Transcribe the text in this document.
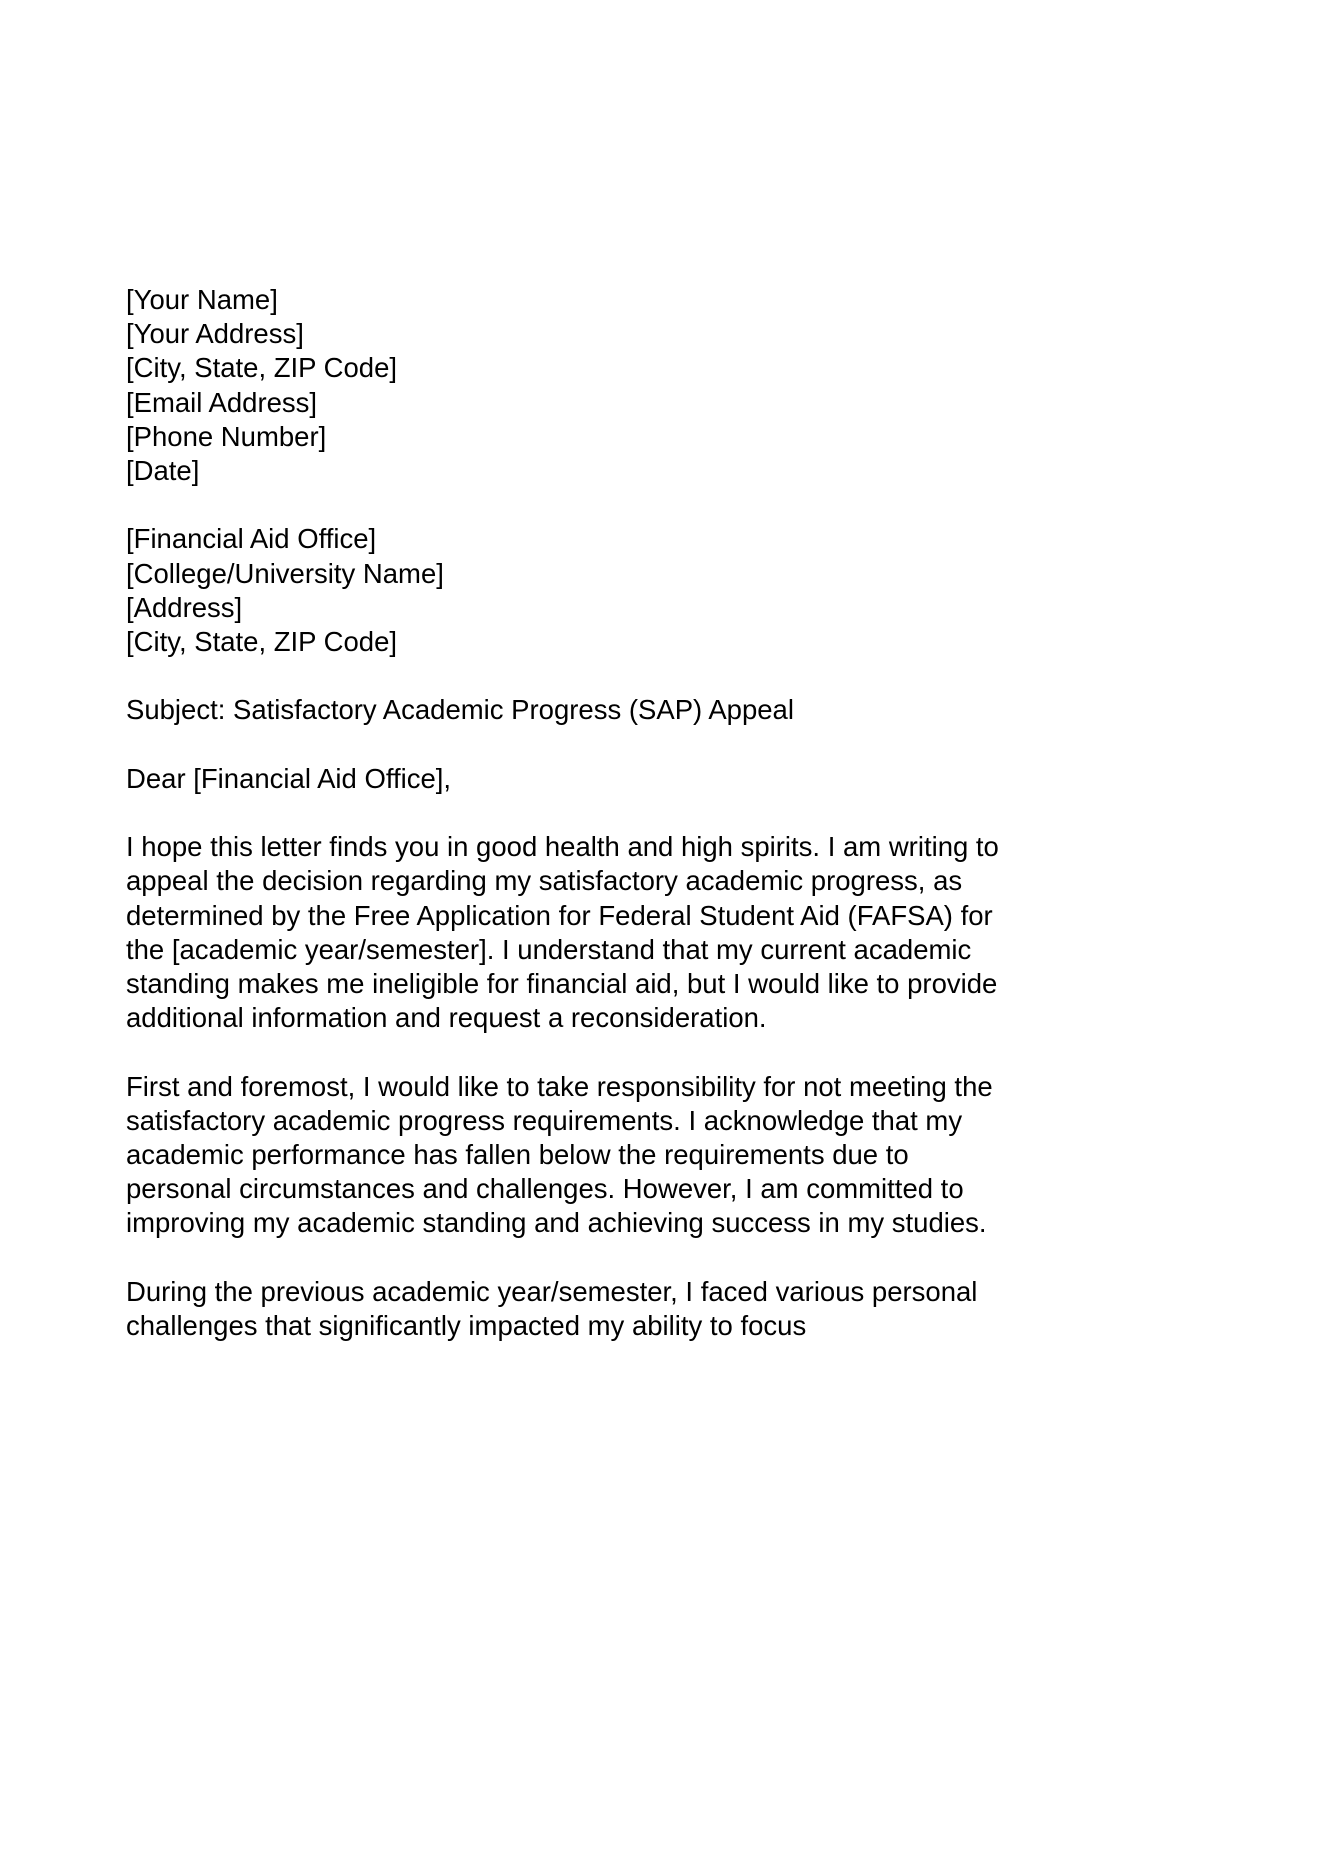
[Your Name]
[Your Address]
[City, State, ZIP Code]
[Email Address]
[Phone Number]
[Date]
[Financial Aid Office]
[College/University Name]
[Address]
[City, State, ZIP Code]

Subject: Satisfactory Academic Progress (SAP) Appeal

Dear [Financial Aid Office],

I hope this letter finds you in good health and high spirits. I am writing to appeal the decision regarding my satisfactory academic progress, as determined by the Free Application for Federal Student Aid (FAFSA) for the [academic year/semester]. I understand that my current academic standing makes me ineligible for financial aid, but I would like to provide additional information and request a reconsideration.

First and foremost, I would like to take responsibility for not meeting the satisfactory academic progress requirements. I acknowledge that my academic performance has fallen below the requirements due to personal circumstances and challenges. However, I am committed to improving my academic standing and achieving success in my studies.

During the previous academic year/semester, I faced various personal challenges that significantly impacted my ability to focus
